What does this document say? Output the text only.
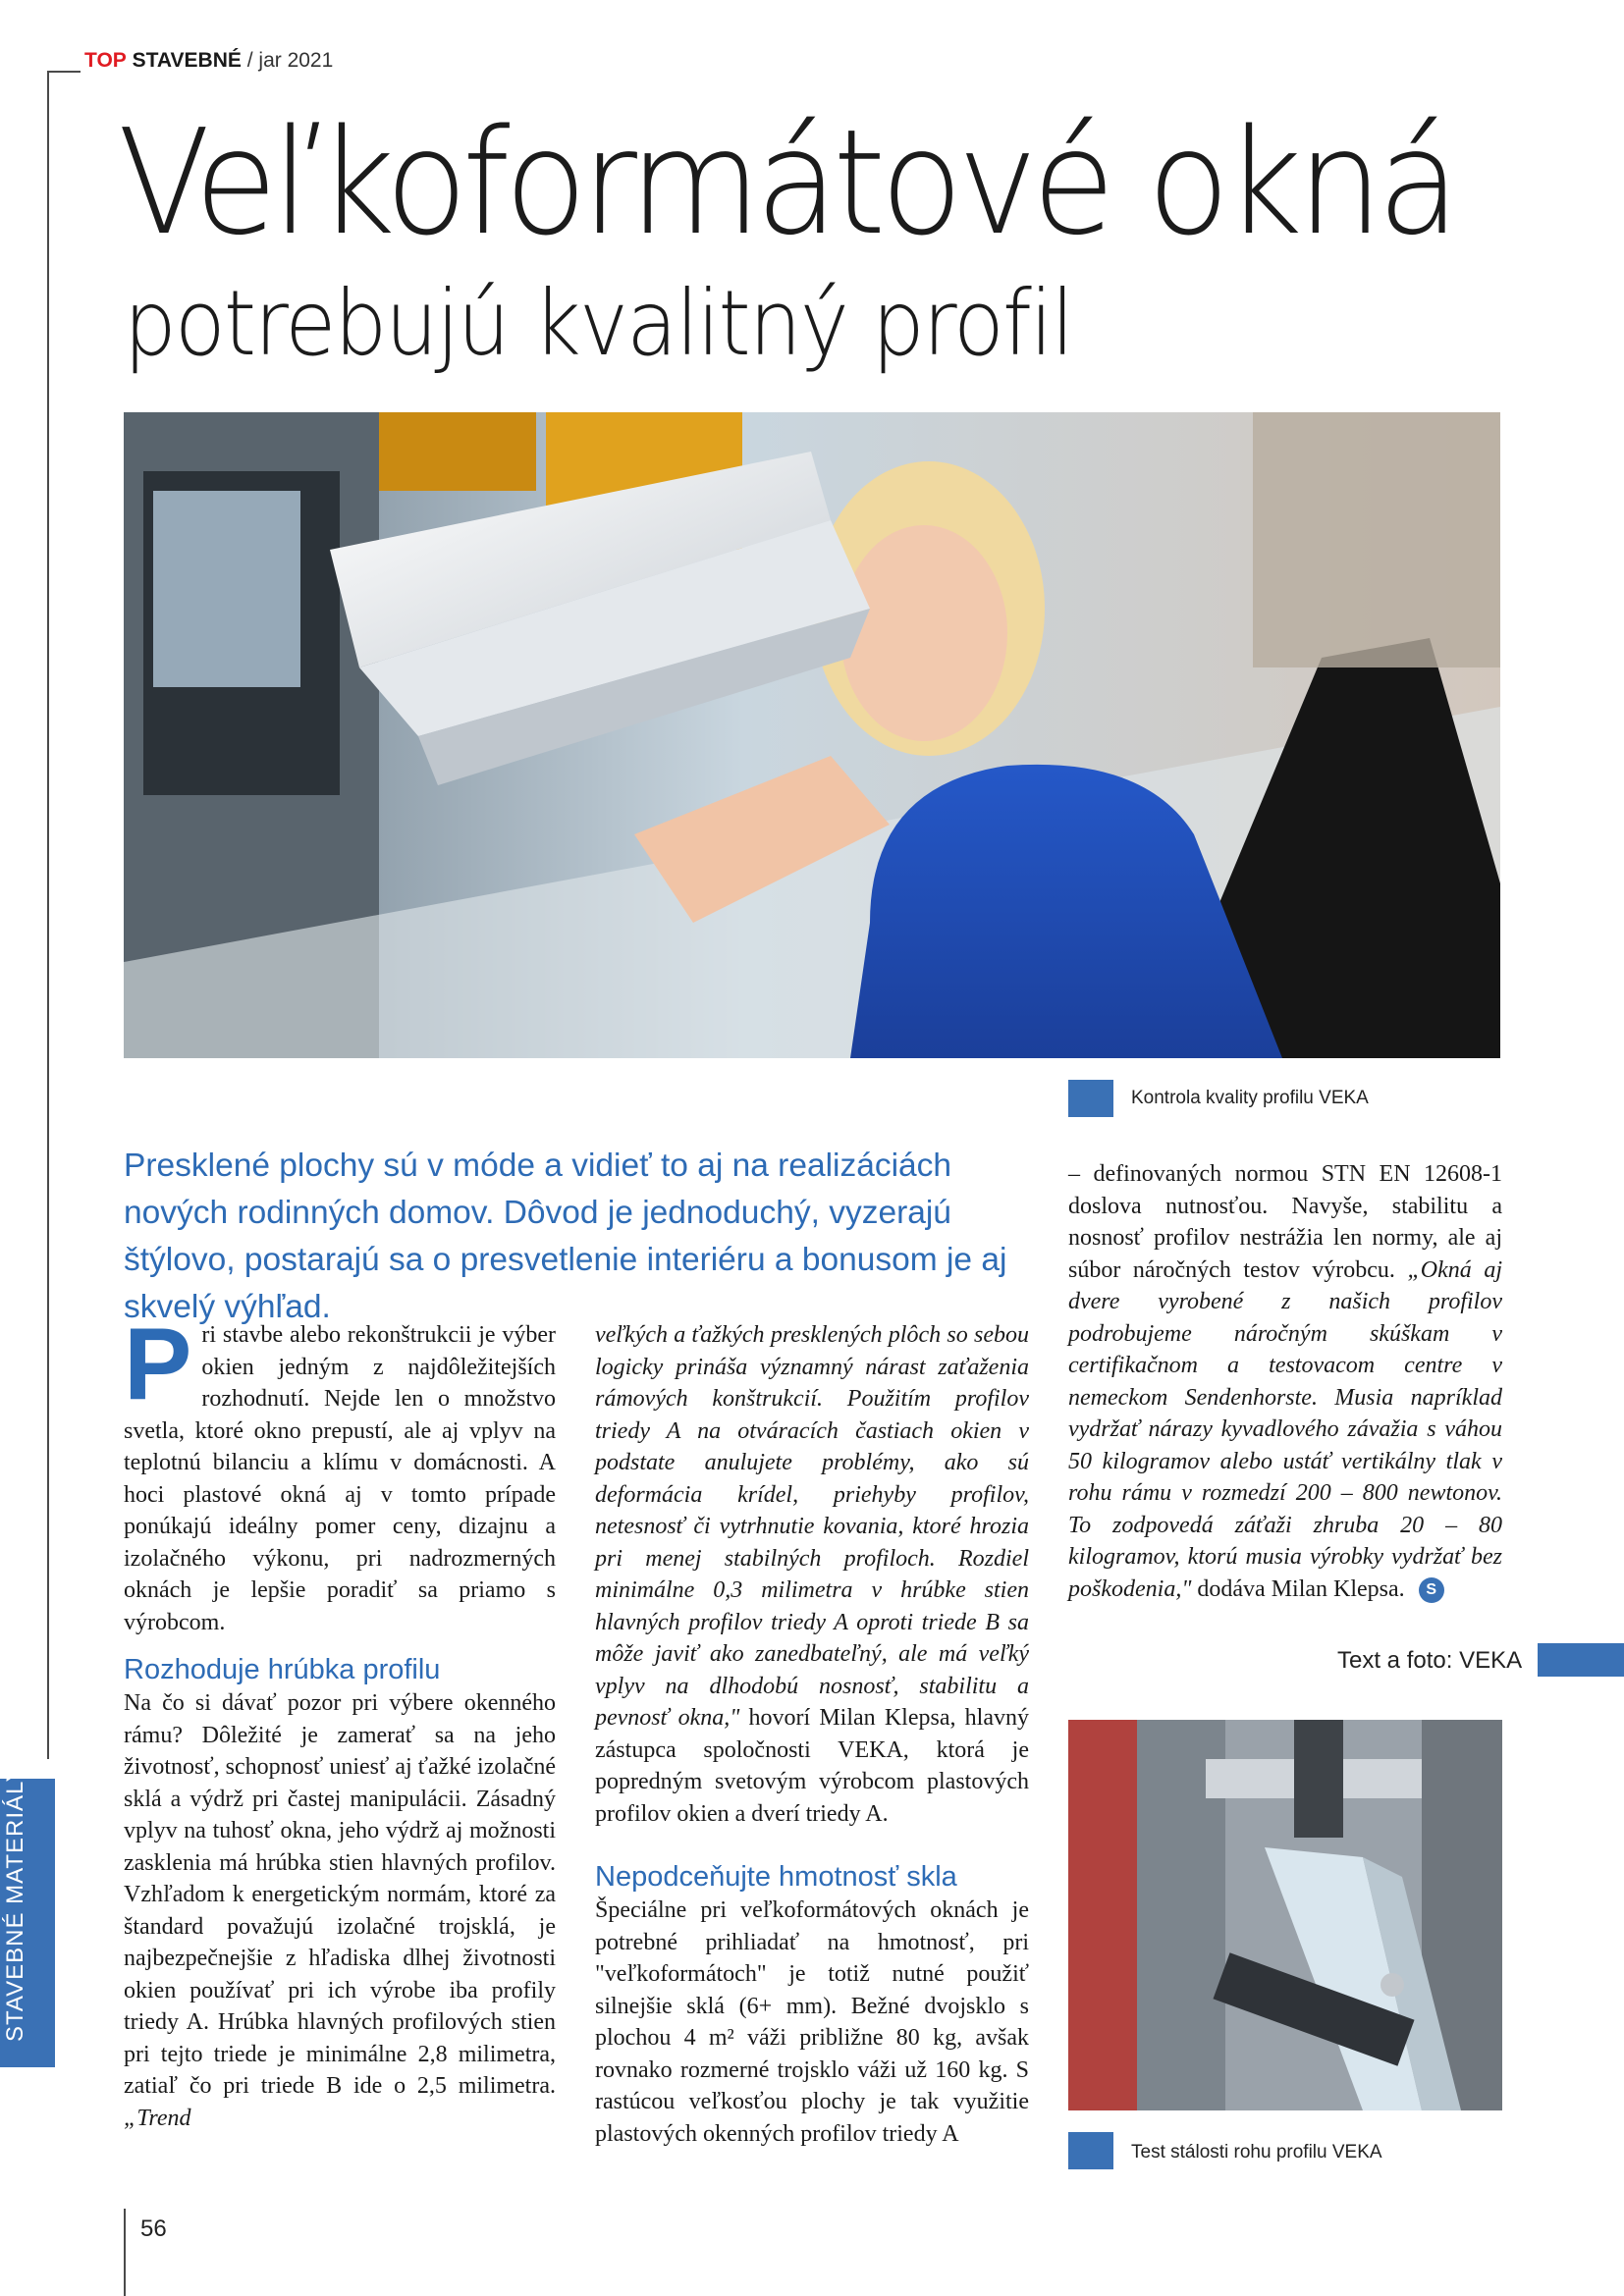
TOP STAVEBNÉ / jar 2021
Veľkoformátové okná
potrebujú kvalitný profil
Kontrola kvality profilu VEKA
Presklené plochy sú v móde a vidieť to aj na realizáciách nových rodinných domov. Dôvod je jednoduchý, vyzerajú štýlovo, postarajú sa o presvetlenie interiéru a bonusom je aj skvelý výhľad.

Pri stavbe alebo rekonštrukcii je výber okien jedným z najdôležitejších rozhodnutí. Nejde len o množstvo svetla, ktoré okno prepustí, ale aj vplyv na teplotnú bilanciu a klímu v domácnosti. A hoci plastové okná aj v tomto prípade ponúkajú ideálny pomer ceny, dizajnu a izolačného výkonu, pri nadrozmerných oknách je lepšie poradiť sa priamo s výrobcom.

Rozhoduje hrúbka profilu

Na čo si dávať pozor pri výbere okenného rámu? Dôležité je zamerať sa na jeho životnosť, schopnosť uniesť aj ťažké izolačné sklá a výdrž pri častej manipulácii. Zásadný vplyv na tuhosť okna, jeho výdrž aj možnosti zasklenia má hrúbka stien hlavných profilov. Vzhľadom k energetickým normám, ktoré za štandard považujú izolačné trojsklá, je najbezpečnejšie z hľadiska dlhej životnosti okien používať pri ich výrobe iba profily triedy A. Hrúbka hlavných profilových stien pri tejto triede je minimálne 2,8 milimetra, zatiaľ čo pri triede B ide o 2,5 milimetra. „Trend

veľkých a ťažkých presklených plôch so sebou logicky prináša významný nárast zaťaženia rámových konštrukcií. Použitím profilov triedy A na otváracích častiach okien v podstate anulujete problémy, ako sú deformácia krídel, priehyby profilov, netesnosť či vytrhnutie kovania, ktoré hrozia pri menej stabilných profiloch. Rozdiel minimálne 0,3 milimetra v hrúbke stien hlavných profilov triedy A oproti triede B sa môže javiť ako zanedbateľný, ale má veľký vplyv na dlhodobú nosnosť, stabilitu a pevnosť okna," hovorí Milan Klepsa, hlavný zástupca spoločnosti VEKA, ktorá je popredným svetovým výrobcom plastových profilov okien a dverí triedy A.

Nepodceňujte hmotnosť skla

Špeciálne pri veľkoformátových oknách je potrebné prihliadať na hmotnosť, pri "veľkoformátoch" je totiž nutné použiť silnejšie sklá (6+ mm). Bežné dvojsklo s plochou 4 m² váži približne 80 kg, avšak rovnako rozmerné trojsklo váži už 160 kg. S rastúcou veľkosťou plochy je tak využitie plastových okenných profilov triedy A

– definovaných normou STN EN 12608-1 doslova nutnosťou. Navyše, stabilitu a nosnosť profilov nestrážia len normy, ale aj súbor náročných testov výrobcu. „Okná aj dvere vyrobené z našich profilov podrobujeme náročným skúškam v certifikačnom a testovacom centre v nemeckom Sendenhorste. Musia napríklad vydržať nárazy kyvadlového závažia s váhou 50 kilogramov alebo ustáť vertikálny tlak v rohu rámu v rozmedzí 200 – 800 newtonov. To zodpovedá záťaži zhruba 20 – 80 kilogramov, ktorú musia výrobky vydržať bez poškodenia," dodáva Milan Klepsa. S

Text a foto: VEKA
Test stálosti rohu profilu VEKA
STAVEBNÉ MATERIÁLY
56
